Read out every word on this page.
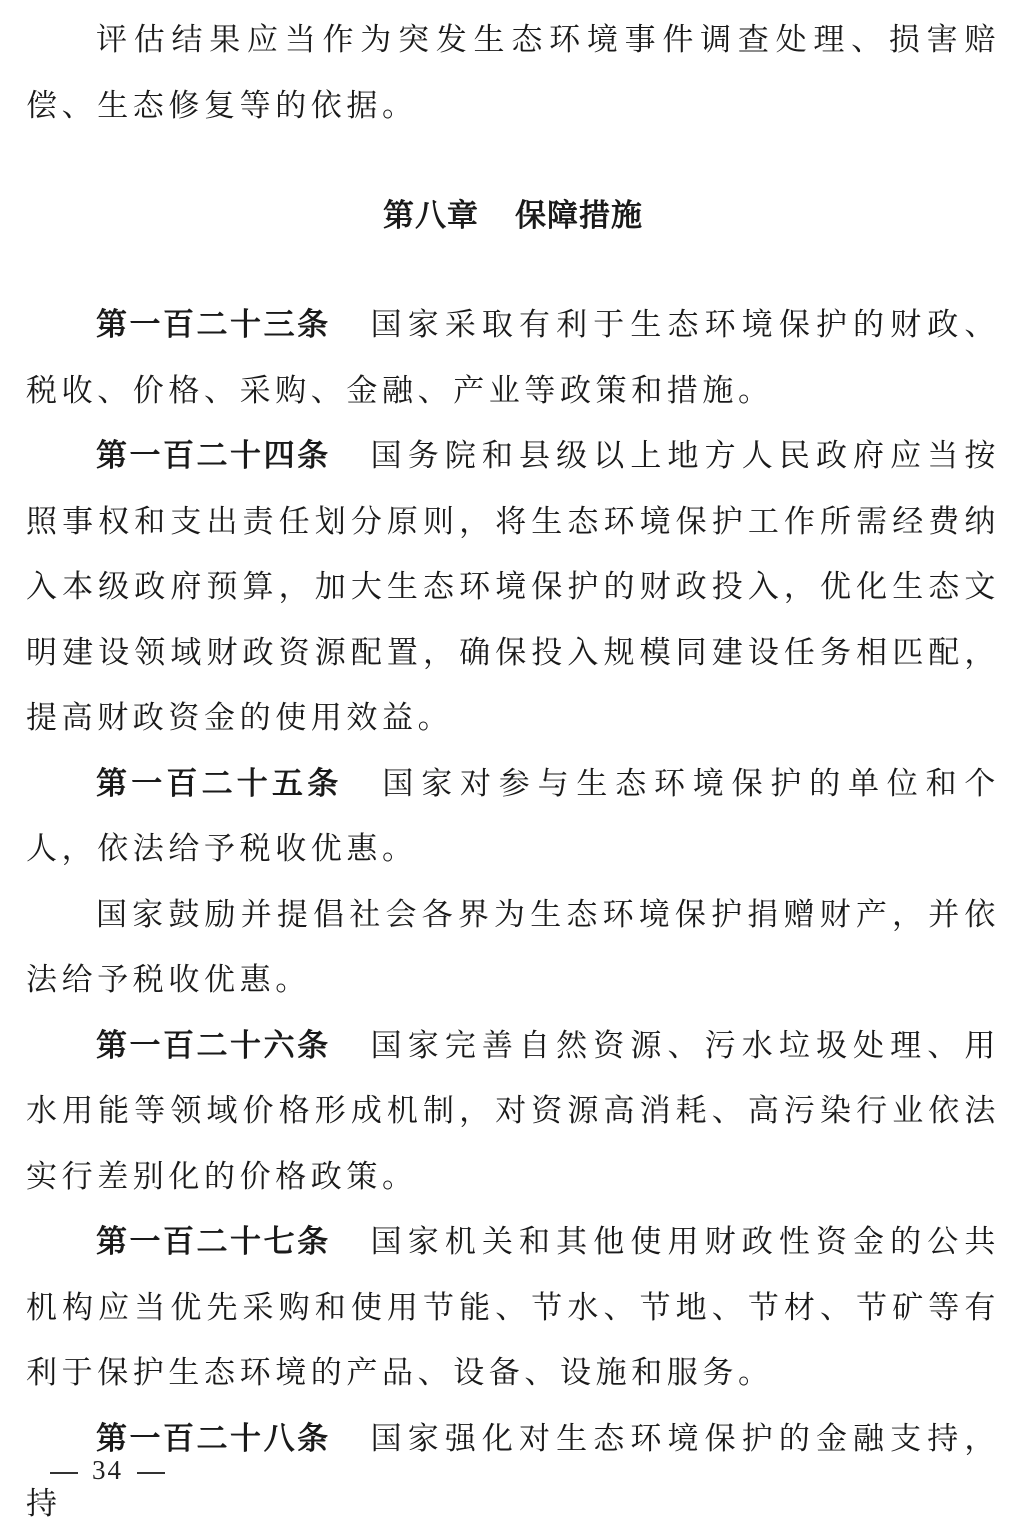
评估结果应当作为突发生态环境事件调查处理、损害赔偿、生态修复等的依据。

第八章 保障措施

第一百二十三条 国家采取有利于生态环境保护的财政、税收、价格、采购、金融、产业等政策和措施。

第一百二十四条 国务院和县级以上地方人民政府应当按照事权和支出责任划分原则，将生态环境保护工作所需经费纳入本级政府预算，加大生态环境保护的财政投入，优化生态文明建设领域财政资源配置，确保投入规模同建设任务相匹配，提高财政资金的使用效益。

第一百二十五条 国家对参与生态环境保护的单位和个人，依法给予税收优惠。

国家鼓励并提倡社会各界为生态环境保护捐赠财产，并依法给予税收优惠。

第一百二十六条 国家完善自然资源、污水垃圾处理、用水用能等领域价格形成机制，对资源高消耗、高污染行业依法实行差别化的价格政策。

第一百二十七条 国家机关和其他使用财政性资金的公共机构应当优先采购和使用节能、节水、节地、节材、节矿等有利于保护生态环境的产品、设备、设施和服务。

第一百二十八条 国家强化对生态环境保护的金融支持，持

34
